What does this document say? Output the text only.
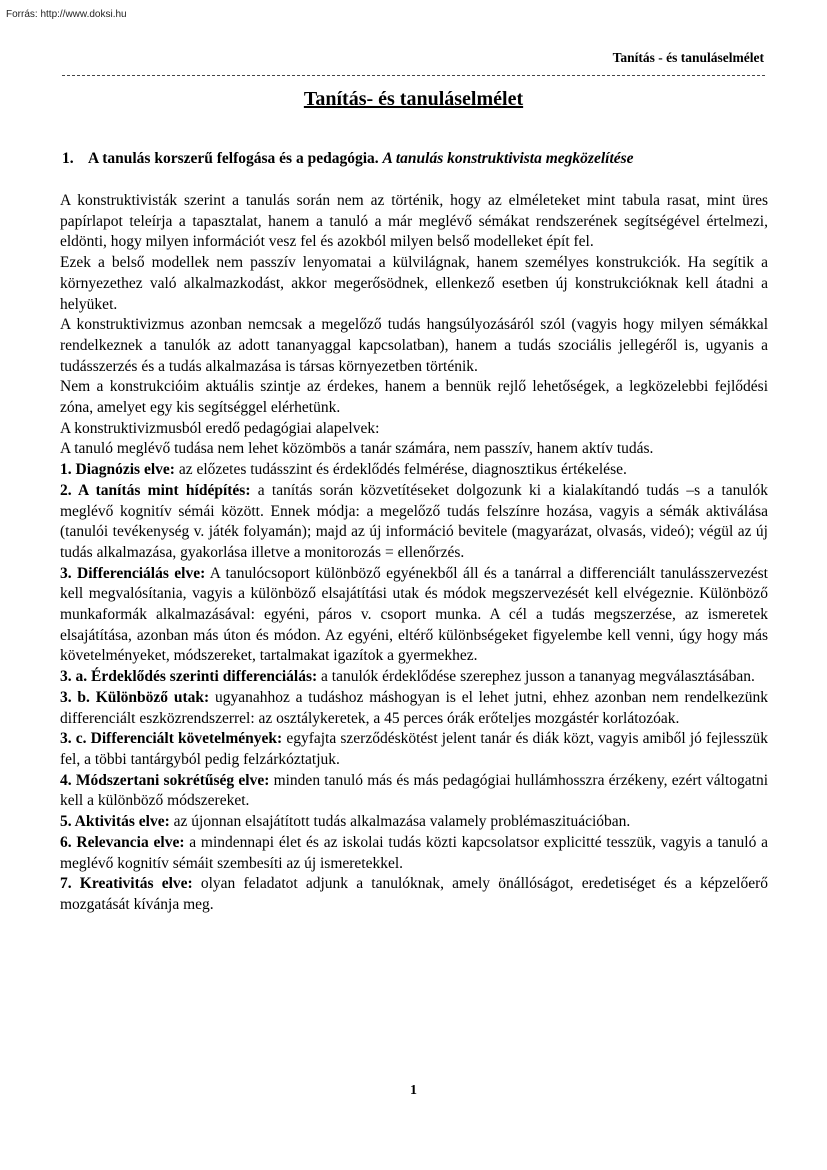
Forrás: http://www.doksi.hu
Tanítás - és tanuláselmélet
Tanítás- és tanuláselmélet
1. A tanulás korszerű felfogása és a pedagógia. A tanulás konstruktivista megközelítése

A konstruktivisták szerint a tanulás során nem az történik, hogy az elméleteket mint tabula rasat, mint üres papírlapot teleírja a tapasztalat, hanem a tanuló a már meglévő sémákat rendszerének segítségével értelmezi, eldönti, hogy milyen információt vesz fel és azokból milyen belső modelleket épít fel.

Ezek a belső modellek nem passzív lenyomatai a külvilágnak, hanem személyes konstrukciók. Ha segítik a környezethez való alkalmazkodást, akkor megerősödnek, ellenkező esetben új konstrukcióknak kell átadni a helyüket.

A konstruktivizmus azonban nemcsak a megelőző tudás hangsúlyozásáról szól (vagyis hogy milyen sémákkal rendelkeznek a tanulók az adott tananyaggal kapcsolatban), hanem a tudás szociális jellegéről is, ugyanis a tudásszerzés és a tudás alkalmazása is társas környezetben történik.

Nem a konstrukcióim aktuális szintje az érdekes, hanem a bennük rejlő lehetőségek, a legközelebbi fejlődési zóna, amelyet egy kis segítséggel elérhetünk.

A konstruktivizmusból eredő pedagógiai alapelvek:

A tanuló meglévő tudása nem lehet közömbös a tanár számára, nem passzív, hanem aktív tudás.

1. Diagnózis elve: az előzetes tudásszint és érdeklődés felmérése, diagnosztikus értékelése.

2. A tanítás mint hídépítés: a tanítás során közvetítéseket dolgozunk ki a kialakítandó tudás –s a tanulók meglévő kognitív sémái között. Ennek módja: a megelőző tudás felszínre hozása, vagyis a sémák aktiválása (tanulói tevékenység v. játék folyamán); majd az új információ bevitele (magyarázat, olvasás, videó); végül az új tudás alkalmazása, gyakorlása illetve a monitorozás = ellenőrzés.

3. Differenciálás elve: A tanulócsoport különböző egyénekből áll és a tanárral a differenciált tanulásszervezést kell megvalósítania, vagyis a különböző elsajátítási utak és módok megszervezését kell elvégeznie. Különböző munkaformák alkalmazásával: egyéni, páros v. csoport munka. A cél a tudás megszerzése, az ismeretek elsajátítása, azonban más úton és módon. Az egyéni, eltérő különbségeket figyelembe kell venni, úgy hogy más követelményeket, módszereket, tartalmakat igazítok a gyermekhez.

3. a. Érdeklődés szerinti differenciálás: a tanulók érdeklődése szerephez jusson a tananyag megválasztásában.

3. b. Különböző utak: ugyanahhoz a tudáshoz máshogyan is el lehet jutni, ehhez azonban nem rendelkezünk differenciált eszközrendszerrel: az osztálykeretek, a 45 perces órák erőteljes mozgástér korlátozóak.

3. c. Differenciált követelmények: egyfajta szerződéskötést jelent tanár és diák közt, vagyis amiből jó fejlesszük fel, a többi tantárgyból pedig felzárkóztatjuk.

4. Módszertani sokrétűség elve: minden tanuló más és más pedagógiai hullámhosszra érzékeny, ezért váltogatni kell a különböző módszereket.

5. Aktivitás elve: az újonnan elsajátított tudás alkalmazása valamely problémaszituációban.

6. Relevancia elve: a mindennapi élet és az iskolai tudás közti kapcsolatsor explicitté tesszük, vagyis a tanuló a meglévő kognitív sémáit szembesíti az új ismeretekkel.

7. Kreativitás elve: olyan feladatot adjunk a tanulóknak, amely önállóságot, eredetiséget és a képzelőerő mozgatását kívánja meg.

1
